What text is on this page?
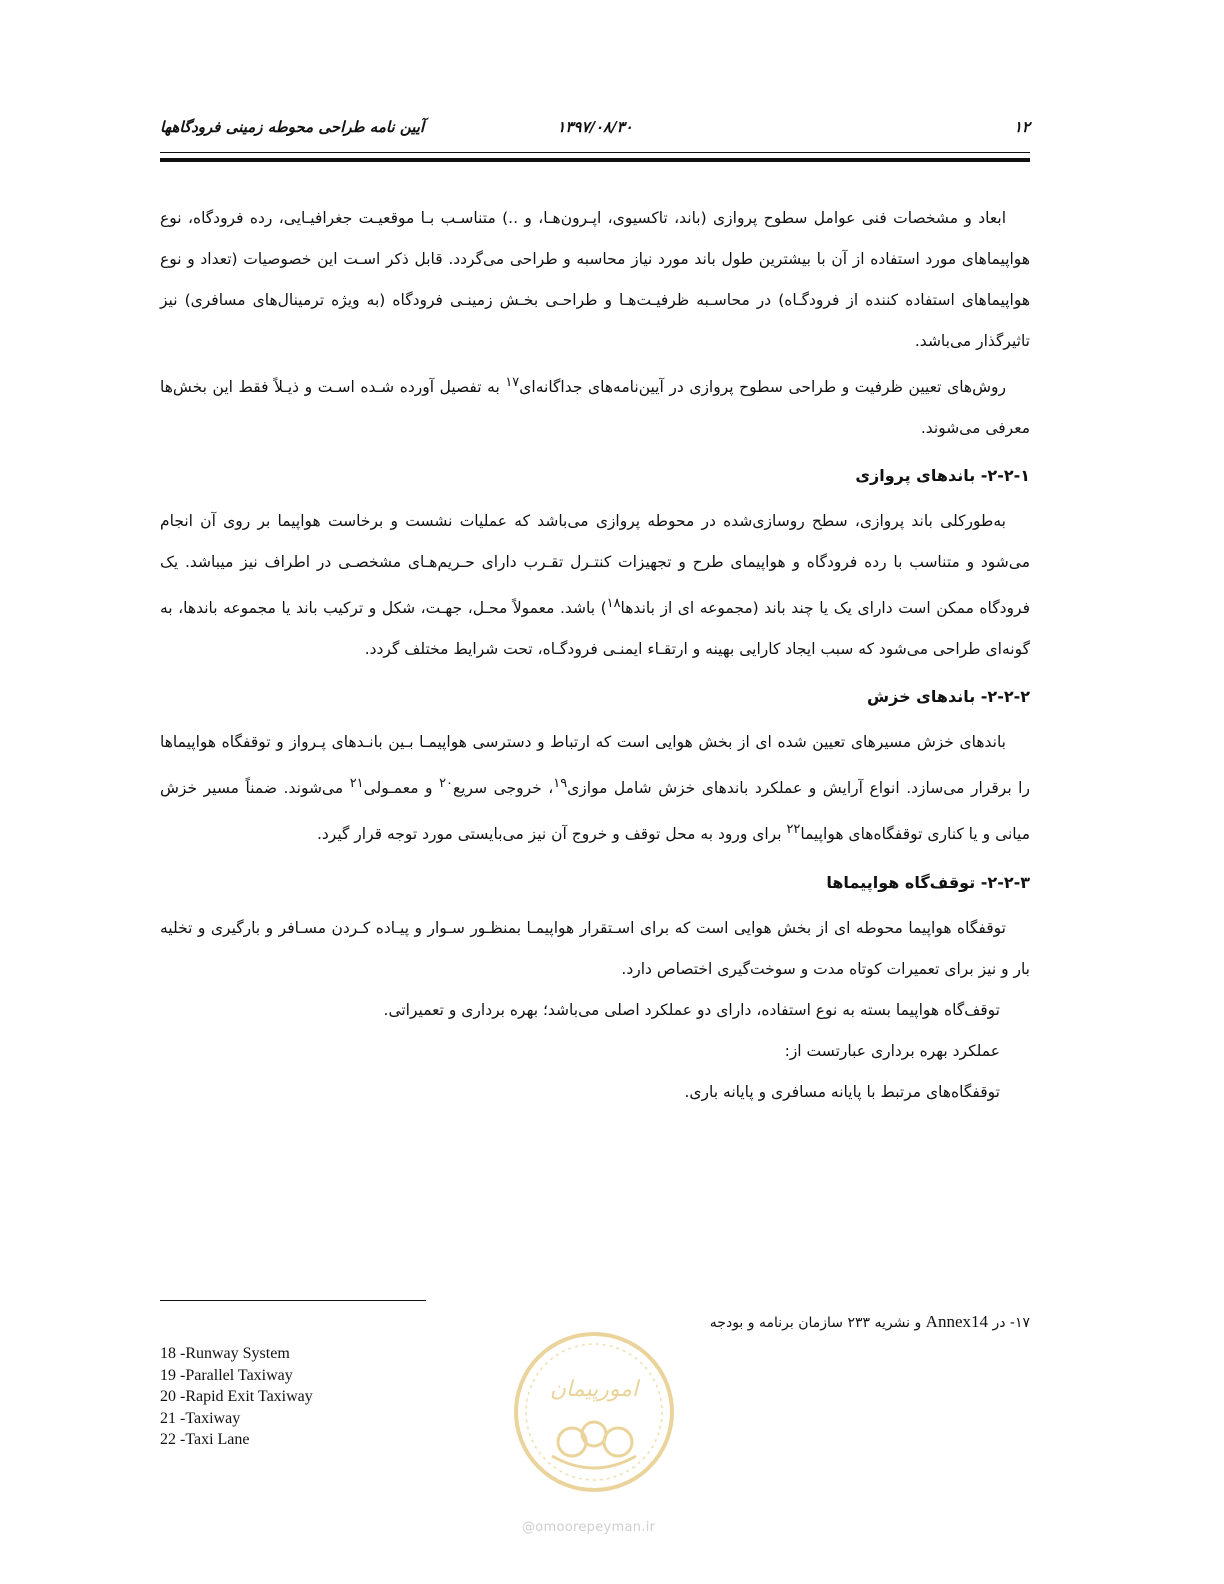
۱۲
۱۳۹۷/۰۸/۳۰
آیین نامه طراحی محوطه زمینی فرودگاهها

ابعاد و مشخصات فنی عوامل سطوح پروازی (باند، تاکسیوی، اپـرون‌هـا، و ..) متناسـب بـا موقعیـت جغرافیـایی، رده فرودگاه، نوع هواپیماهای مورد استفاده از آن با بیشترین طول باند مورد نیاز محاسبه و طراحی می‌گردد. قابل ذکر اسـت این خصوصیات (تعداد و نوع هواپیماهای استفاده کننده از فرودگـاه) در محاسـبه ظرفیـت‌هـا و طراحـی بخـش زمینـی فرودگاه (به ویژه ترمینال‌های مسافری) نیز تاثیرگذار می‌باشد.

روش‌های تعیین ظرفیت و طراحی سطوح پروازی در آیین‌نامه‌های جداگانه‌ای$^{۱۷}$ به تفصیل آورده شـده اسـت و ذیـلاً فقط این بخش‌ها معرفی می‌شوند.

۲-۲-۱- باندهای پروازی

به‌طورکلی باند پروازی، سطح روسازی‌شده در محوطه پروازی می‌باشد که عملیات نشست و برخاست هواپیما بر روی آن انجام می‌شود و متناسب با رده فرودگاه و هواپیمای طرح و تجهیزات کنتـرل تقـرب دارای حـریم‌هـای مشخصـی در اطراف نیز میباشد. یک فرودگاه ممکن است دارای یک یا چند باند (مجموعه ای از باندها$^{۱۸}$) باشد. معمولاً محـل، جهـت، شکل و ترکیب باند یا مجموعه باندها، به گونه‌ای طراحی می‌شود که سبب ایجاد کارایی بهینه و ارتقـاء ایمنـی فرودگـاه، تحت شرایط مختلف گردد.

۲-۲-۲- باندهای خزش

باندهای خزش مسیرهای تعیین شده ای از بخش هوایی است که ارتباط و دسترسی هواپیمـا بـین بانـدهای پـرواز و توقفگاه هواپیماها را برقرار می‌سازد. انواع آرایش و عملکرد باندهای خزش شامل موازی$^{۱۹}$، خروجی سریع$^{۲۰}$ و معمـولی$^{۲۱}$ می‌شوند. ضمناً مسیر خزش میانی و یا کناری توقفگاه‌های هواپیما$^{۲۲}$ برای ورود به محل توقف و خروج آن نیز می‌بایستی مورد توجه قرار گیرد.

۲-۲-۳- توقف‌گاه هواپیماها

توقفگاه هواپیما محوطه ای از بخش هوایی است که برای اسـتقرار هواپیمـا بمنظـور سـوار و پیـاده کـردن مسـافر و بارگیری و تخلیه بار و نیز برای تعمیرات کوتاه مدت و سوخت‌گیری اختصاص دارد.

توقف‌گاه هواپیما بسته به نوع استفاده، دارای دو عملکرد اصلی می‌باشد؛ بهره برداری و تعمیراتی.

عملکرد بهره برداری عبارتست از:

توقفگاه‌های مرتبط با پایانه مسافری و پایانه باری.

۱۷- در Annex14 و نشریه ۲۳۳ سازمان برنامه و بودجه
18 -Runway System
19 -Parallel Taxiway
20 -Rapid Exit Taxiway
21 -Taxiway
22 -Taxi Lane
امورپیمان
@omoorepeyman.ir
